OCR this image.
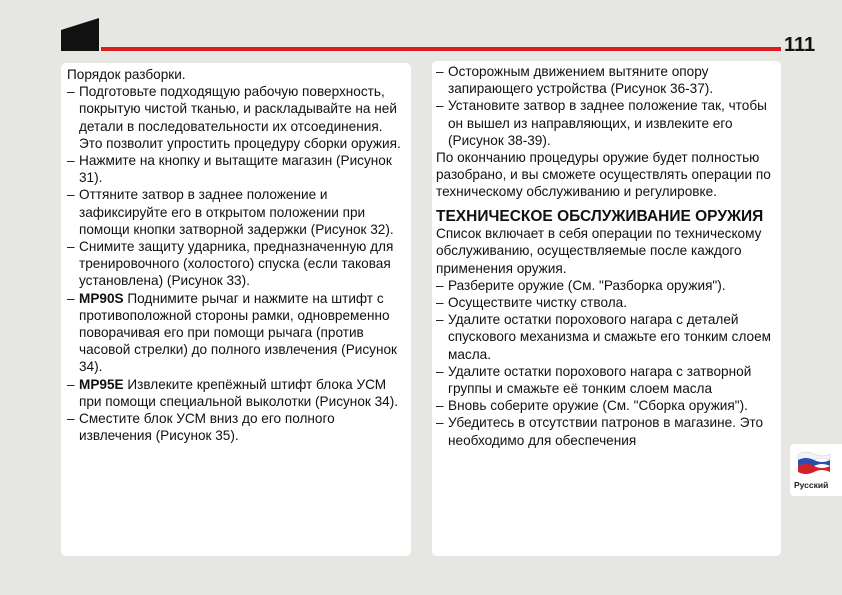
111

Порядок разборки.

– Подготовьте подходящую рабочую поверхность, покрытую чистой тканью, и раскладывайте на ней детали в последовательности их отсоединения. Это позволит упростить процедуру сборки оружия.

– Нажмите на кнопку и вытащите магазин (Рисунок 31).

– Оттяните затвор в заднее положение и зафиксируйте его в открытом положении при помощи кнопки затворной задержки (Рисунок 32).

– Снимите защиту ударника, предназначенную для тренировочного (холостого) спуска (если таковая установлена) (Рисунок 33).

– MP90S Поднимите рычаг и нажмите на штифт с противоположной стороны рамки, одновременно поворачивая его при помощи рычага (против часовой стрелки) до полного извлечения (Рисунок 34).

– MP95E Извлеките крепёжный штифт блока УСМ при помощи специальной выколотки (Рисунок 34).

– Сместите блок УСМ вниз до его полного извлечения (Рисунок 35).

– Осторожным движением вытяните опору запирающего устройства (Рисунок 36-37).

– Установите затвор в заднее положение так, чтобы он вышел из направляющих, и извлеките его (Рисунок 38-39).

По окончанию процедуры оружие будет полностью разобрано, и вы сможете осуществлять операции по техническому обслуживанию и регулировке.

ТЕХНИЧЕСКОЕ ОБСЛУЖИВАНИЕ ОРУЖИЯ

Список включает в себя операции по техническому обслуживанию, осуществляемые после каждого применения оружия.

– Разберите оружие (См. "Разборка оружия").

– Осуществите чистку ствола.

– Удалите остатки порохового нагара с деталей спускового механизма и смажьте его тонким слоем масла.

– Удалите остатки порохового нагара с затворной группы и смажьте её тонким слоем масла

– Вновь соберите оружие (См. "Сборка оружия").

– Убедитесь в отсутствии патронов в магазине. Это необходимо для обеспечения

Русский
